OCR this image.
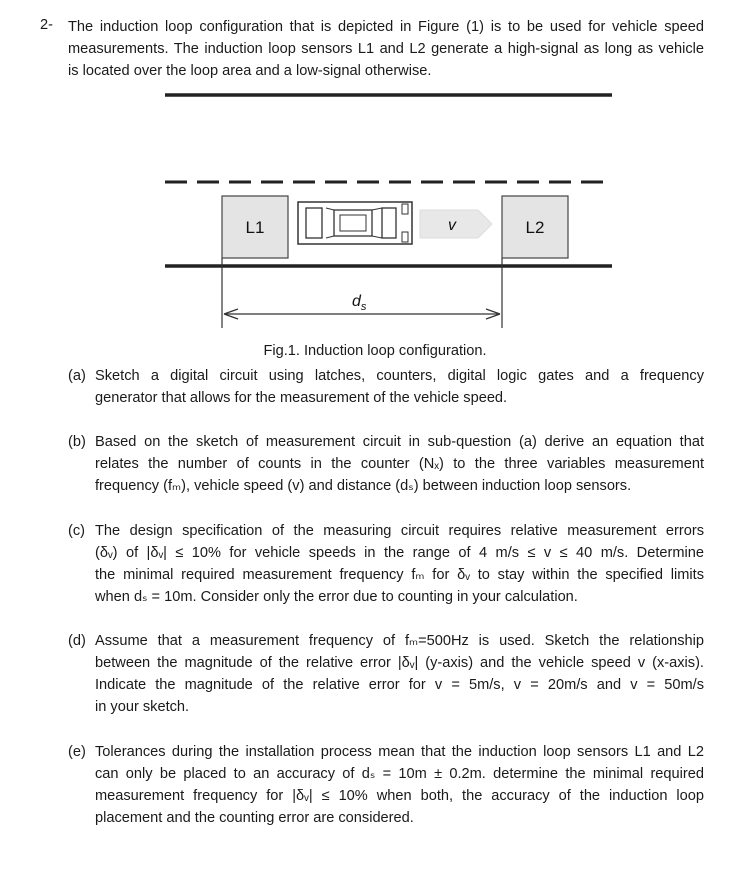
2- The induction loop configuration that is depicted in Figure (1) is to be used for vehicle speed
measurements. The induction loop sensors L1 and L2 generate a high-signal as long as vehicle
is located over the loop area and a low-signal otherwise.
L1	L2
v
$d_s$
Fig.1. Induction loop configuration.
(a) Sketch a digital circuit using latches, counters, digital logic gates and a frequency
generator that allows for the measurement of the vehicle speed.
(b) Based on the sketch of measurement circuit in sub-question (a) derive an equation that
relates the number of counts in the counter (Nₓ) to the three variables measurement
frequency (fₘ), vehicle speed (v) and distance (dₛ) between induction loop sensors.
(c) The design specification of the measuring circuit requires relative measurement errors
(δᵥ) of |δᵥ| ≤ 10% for vehicle speeds in the range of 4 m/s ≤ v ≤ 40 m/s. Determine
the minimal required measurement frequency fₘ for δᵥ to stay within the specified limits
when dₛ = 10m. Consider only the error due to counting in your calculation.
(d) Assume that a measurement frequency of fₘ=500Hz is used. Sketch the relationship
between the magnitude of the relative error |δᵥ| (y-axis) and the vehicle speed v (x-axis).
Indicate the magnitude of the relative error for v = 5m/s, v = 20m/s and v = 50m/s
in your sketch.
(e) Tolerances during the installation process mean that the induction loop sensors L1 and L2
can only be placed to an accuracy of dₛ = 10m ± 0.2m. determine the minimal required
measurement frequency for |δᵥ| ≤ 10% when both, the accuracy of the induction loop
placement and the counting error are considered.
